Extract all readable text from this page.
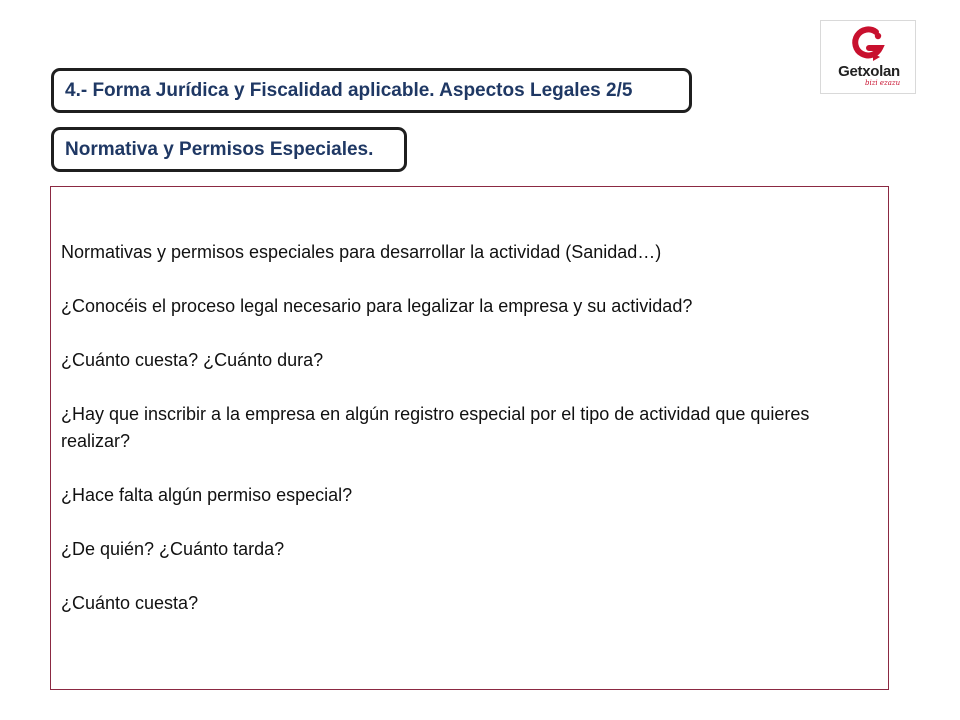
4.- Forma Jurídica y Fiscalidad aplicable. Aspectos Legales 2/5
Normativa y Permisos Especiales.
Getxolan
bizi ezazu
Normativas y permisos especiales para desarrollar la actividad (Sanidad…)
¿Conocéis el proceso legal necesario para legalizar la empresa y su actividad?
¿Cuánto cuesta? ¿Cuánto dura?
¿Hay que inscribir a la empresa en algún registro especial por el tipo de actividad que quieres realizar?
¿Hace falta algún permiso especial?
¿De quién? ¿Cuánto tarda?
¿Cuánto cuesta?
